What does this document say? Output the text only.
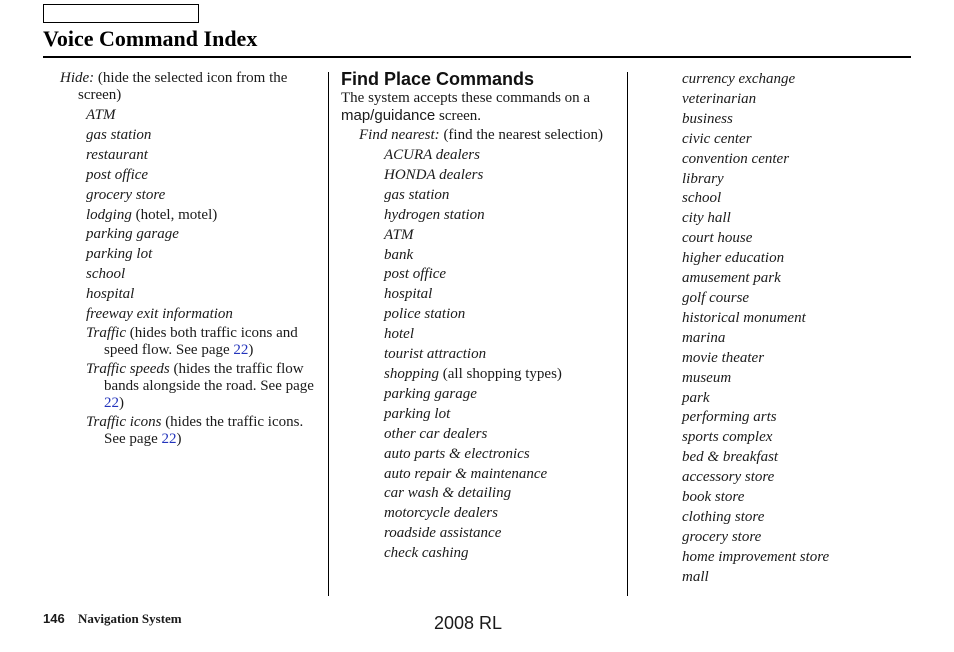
Voice Command Index
Hide: (hide the selected icon from the screen)
ATM
gas station
restaurant
post office
grocery store
lodging (hotel, motel)
parking garage
parking lot
school
hospital
freeway exit information
Traffic (hides both traffic icons and speed flow. See page 22)
Traffic speeds (hides the traffic flow bands alongside the road. See page 22)
Traffic icons (hides the traffic icons. See page 22)
Find Place Commands
The system accepts these commands on a map/guidance screen.
Find nearest: (find the nearest selection)
ACURA dealers
HONDA dealers
gas station
hydrogen station
ATM
bank
post office
hospital
police station
hotel
tourist attraction
shopping (all shopping types)
parking garage
parking lot
other car dealers
auto parts & electronics
auto repair & maintenance
car wash & detailing
motorcycle dealers
roadside assistance
check cashing
currency exchange
veterinarian
business
civic center
convention center
library
school
city hall
court house
higher education
amusement park
golf course
historical monument
marina
movie theater
museum
park
performing arts
sports complex
bed & breakfast
accessory store
book store
clothing store
grocery store
home improvement store
mall
146 Navigation System	2008 RL
